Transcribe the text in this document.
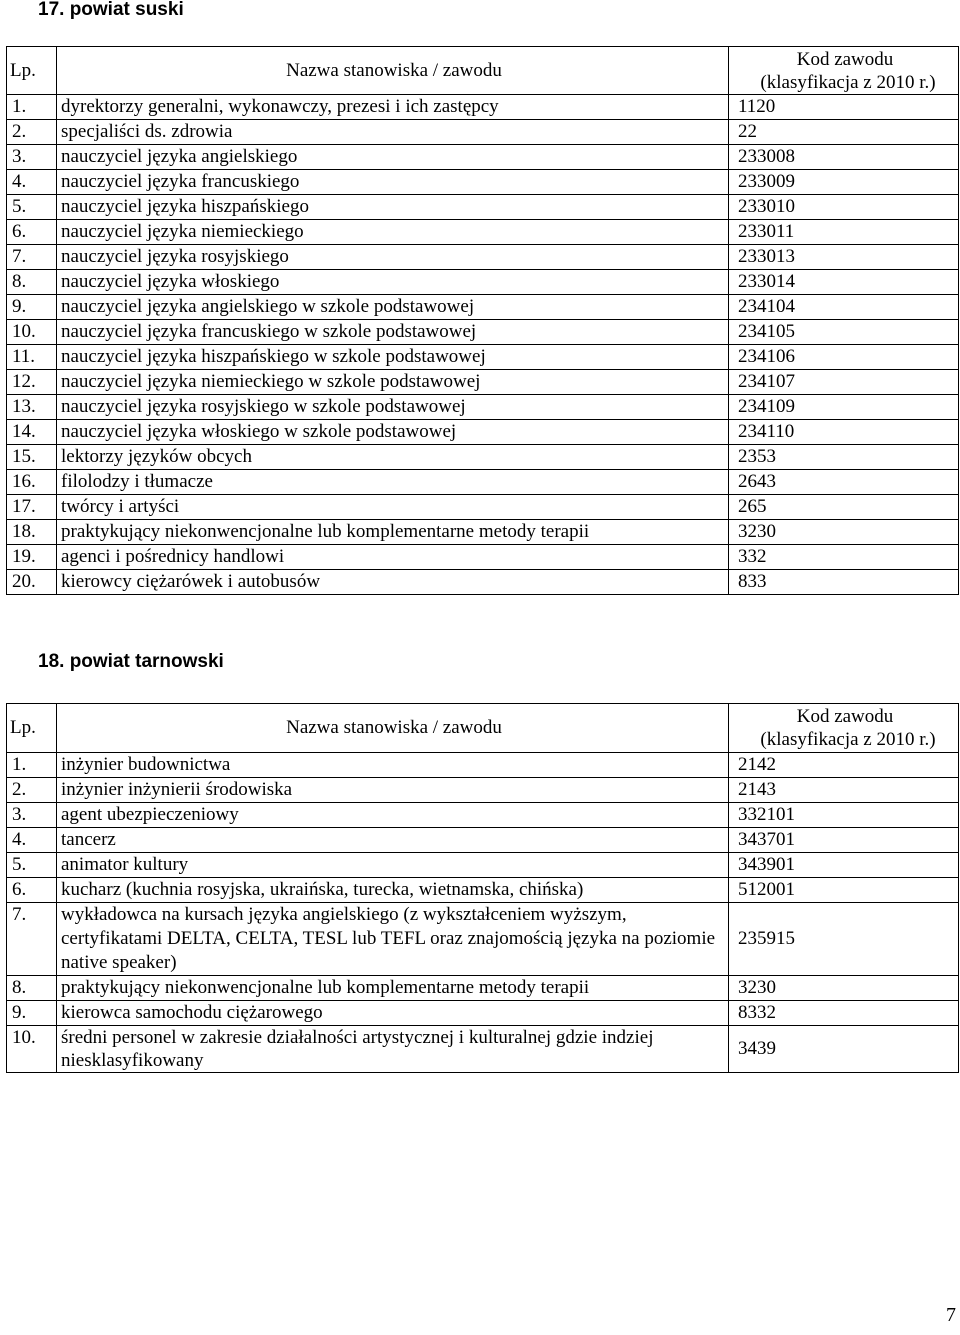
17. powiat suski
Lp.	Nazwa stanowiska / zawodu	Kod zawodu
(klasyfikacja z 2010 r.)

1.	dyrektorzy generalni, wykonawczy, prezesi i ich zastępcy	1120
2.	specjaliści ds. zdrowia	22
3.	nauczyciel języka angielskiego	233008
4.	nauczyciel języka francuskiego	233009
5.	nauczyciel języka hiszpańskiego	233010
6.	nauczyciel języka niemieckiego	233011
7.	nauczyciel języka rosyjskiego	233013
8.	nauczyciel języka włoskiego	233014
9.	nauczyciel języka angielskiego w szkole podstawowej	234104
10.	nauczyciel języka francuskiego w szkole podstawowej	234105
11.	nauczyciel języka hiszpańskiego w szkole podstawowej	234106
12.	nauczyciel języka niemieckiego w szkole podstawowej	234107
13.	nauczyciel języka rosyjskiego w szkole podstawowej	234109
14.	nauczyciel języka włoskiego w szkole podstawowej	234110
15.	lektorzy języków obcych	2353
16.	filolodzy i tłumacze	2643
17.	twórcy i artyści	265
18.	praktykujący niekonwencjonalne lub komplementarne metody terapii	3230
19.	agenci i pośrednicy handlowi	332
20.	kierowcy ciężarówek i autobusów	833
18. powiat tarnowski
Lp.	Nazwa stanowiska / zawodu	Kod zawodu
(klasyfikacja z 2010 r.)

1.	inżynier budownictwa	2142
2.	inżynier inżynierii środowiska	2143
3.	agent ubezpieczeniowy	332101
4.	tancerz	343701
5.	animator kultury	343901
6.	kucharz (kuchnia rosyjska, ukraińska, turecka, wietnamska, chińska)	512001
7.	wykładowca na kursach języka angielskiego (z wykształceniem wyższym, certyfikatami DELTA, CELTA, TESL lub TEFL oraz znajomością języka na poziomie native speaker)	235915
8.	praktykujący niekonwencjonalne lub komplementarne metody terapii	3230
9.	kierowca samochodu ciężarowego	8332
10.	średni personel w zakresie działalności artystycznej i kulturalnej gdzie indziej niesklasyfikowany	3439
7
